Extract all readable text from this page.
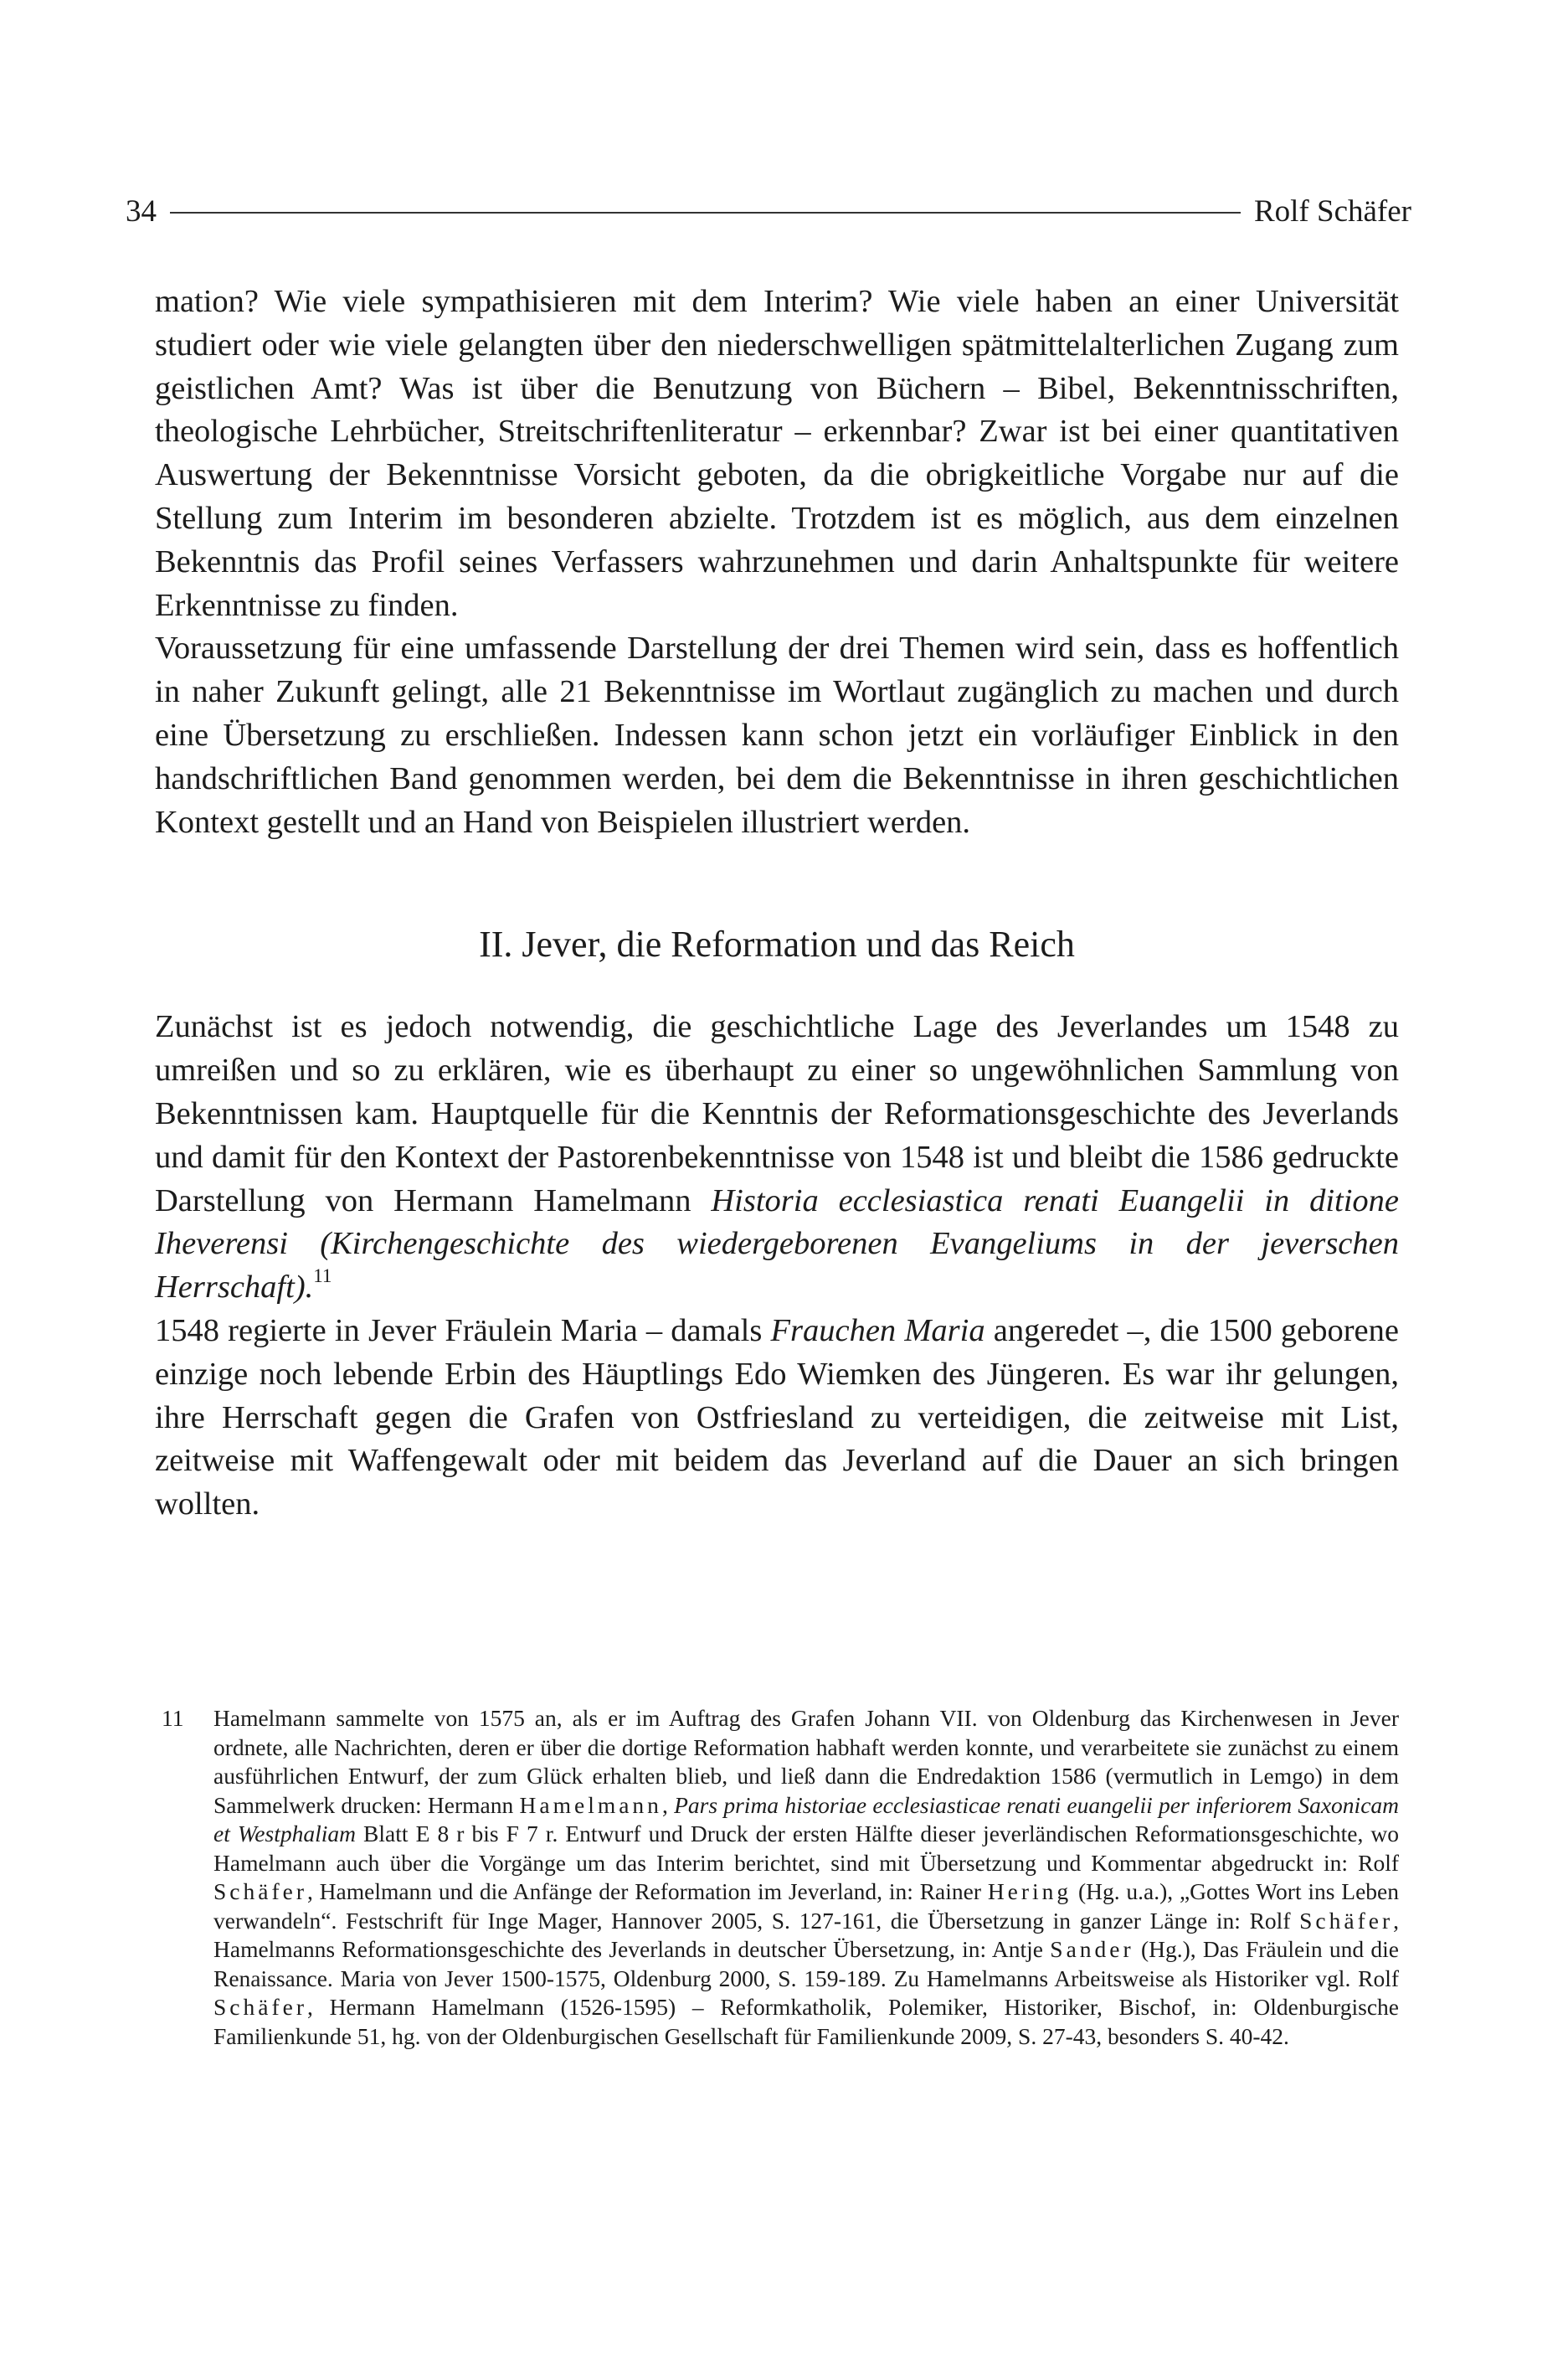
34	Rolf Schäfer

mation? Wie viele sympathisieren mit dem Interim? Wie viele haben an einer Universität studiert oder wie viele gelangten über den niederschwelligen spätmittelalterlichen Zugang zum geistlichen Amt? Was ist über die Benutzung von Büchern – Bibel, Bekenntnisschriften, theologische Lehrbücher, Streitschriftenliteratur – erkennbar? Zwar ist bei einer quantitativen Auswertung der Bekenntnisse Vorsicht geboten, da die obrigkeitliche Vorgabe nur auf die Stellung zum Interim im besonderen abzielte. Trotzdem ist es möglich, aus dem einzelnen Bekenntnis das Profil seines Verfassers wahrzunehmen und darin Anhaltspunkte für weitere Erkenntnisse zu finden.

Voraussetzung für eine umfassende Darstellung der drei Themen wird sein, dass es hoffentlich in naher Zukunft gelingt, alle 21 Bekenntnisse im Wortlaut zugänglich zu machen und durch eine Übersetzung zu erschließen. Indessen kann schon jetzt ein vorläufiger Einblick in den handschriftlichen Band genommen werden, bei dem die Bekenntnisse in ihren geschichtlichen Kontext gestellt und an Hand von Beispielen illustriert werden.

II. Jever, die Reformation und das Reich

Zunächst ist es jedoch notwendig, die geschichtliche Lage des Jeverlandes um 1548 zu umreißen und so zu erklären, wie es überhaupt zu einer so ungewöhnlichen Sammlung von Bekenntnissen kam. Hauptquelle für die Kenntnis der Reformationsgeschichte des Jeverlands und damit für den Kontext der Pastorenbekenntnisse von 1548 ist und bleibt die 1586 gedruckte Darstellung von Hermann Hamelmann Historia ecclesiastica renati Euangelii in ditione Iheverensi (Kirchengeschichte des wiedergeborenen Evangeliums in der jeverschen Herrschaft).$^{11}$

1548 regierte in Jever Fräulein Maria – damals Frauchen Maria angeredet –, die 1500 geborene einzige noch lebende Erbin des Häuptlings Edo Wiemken des Jüngeren. Es war ihr gelungen, ihre Herrschaft gegen die Grafen von Ostfriesland zu verteidigen, die zeitweise mit List, zeitweise mit Waffengewalt oder mit beidem das Jeverland auf die Dauer an sich bringen wollten.

11 Hamelmann sammelte von 1575 an, als er im Auftrag des Grafen Johann VII. von Oldenburg das Kirchenwesen in Jever ordnete, alle Nachrichten, deren er über die dortige Reformation habhaft werden konnte, und verarbeitete sie zunächst zu einem ausführlichen Entwurf, der zum Glück erhalten blieb, und ließ dann die Endredaktion 1586 (vermutlich in Lemgo) in dem Sammelwerk drucken: Hermann Hamelmann, Pars prima historiae ecclesiasticae renati euangelii per inferiorem Saxonicam et Westphaliam Blatt E 8 r bis F 7 r. Entwurf und Druck der ersten Hälfte dieser jeverländischen Reformationsgeschichte, wo Hamelmann auch über die Vorgänge um das Interim berichtet, sind mit Übersetzung und Kommentar abgedruckt in: Rolf Schäfer, Hamelmann und die Anfänge der Reformation im Jeverland, in: Rainer Hering (Hg. u.a.), „Gottes Wort ins Leben verwandeln“. Festschrift für Inge Mager, Hannover 2005, S. 127-161, die Übersetzung in ganzer Länge in: Rolf Schäfer, Hamelmanns Reformationsgeschichte des Jeverlands in deutscher Übersetzung, in: Antje Sander (Hg.), Das Fräulein und die Renaissance. Maria von Jever 1500-1575, Oldenburg 2000, S. 159-189. Zu Hamelmanns Arbeitsweise als Historiker vgl. Rolf Schäfer, Hermann Hamelmann (1526-1595) – Reformkatholik, Polemiker, Historiker, Bischof, in: Oldenburgische Familienkunde 51, hg. von der Oldenburgischen Gesellschaft für Familienkunde 2009, S. 27-43, besonders S. 40-42.
